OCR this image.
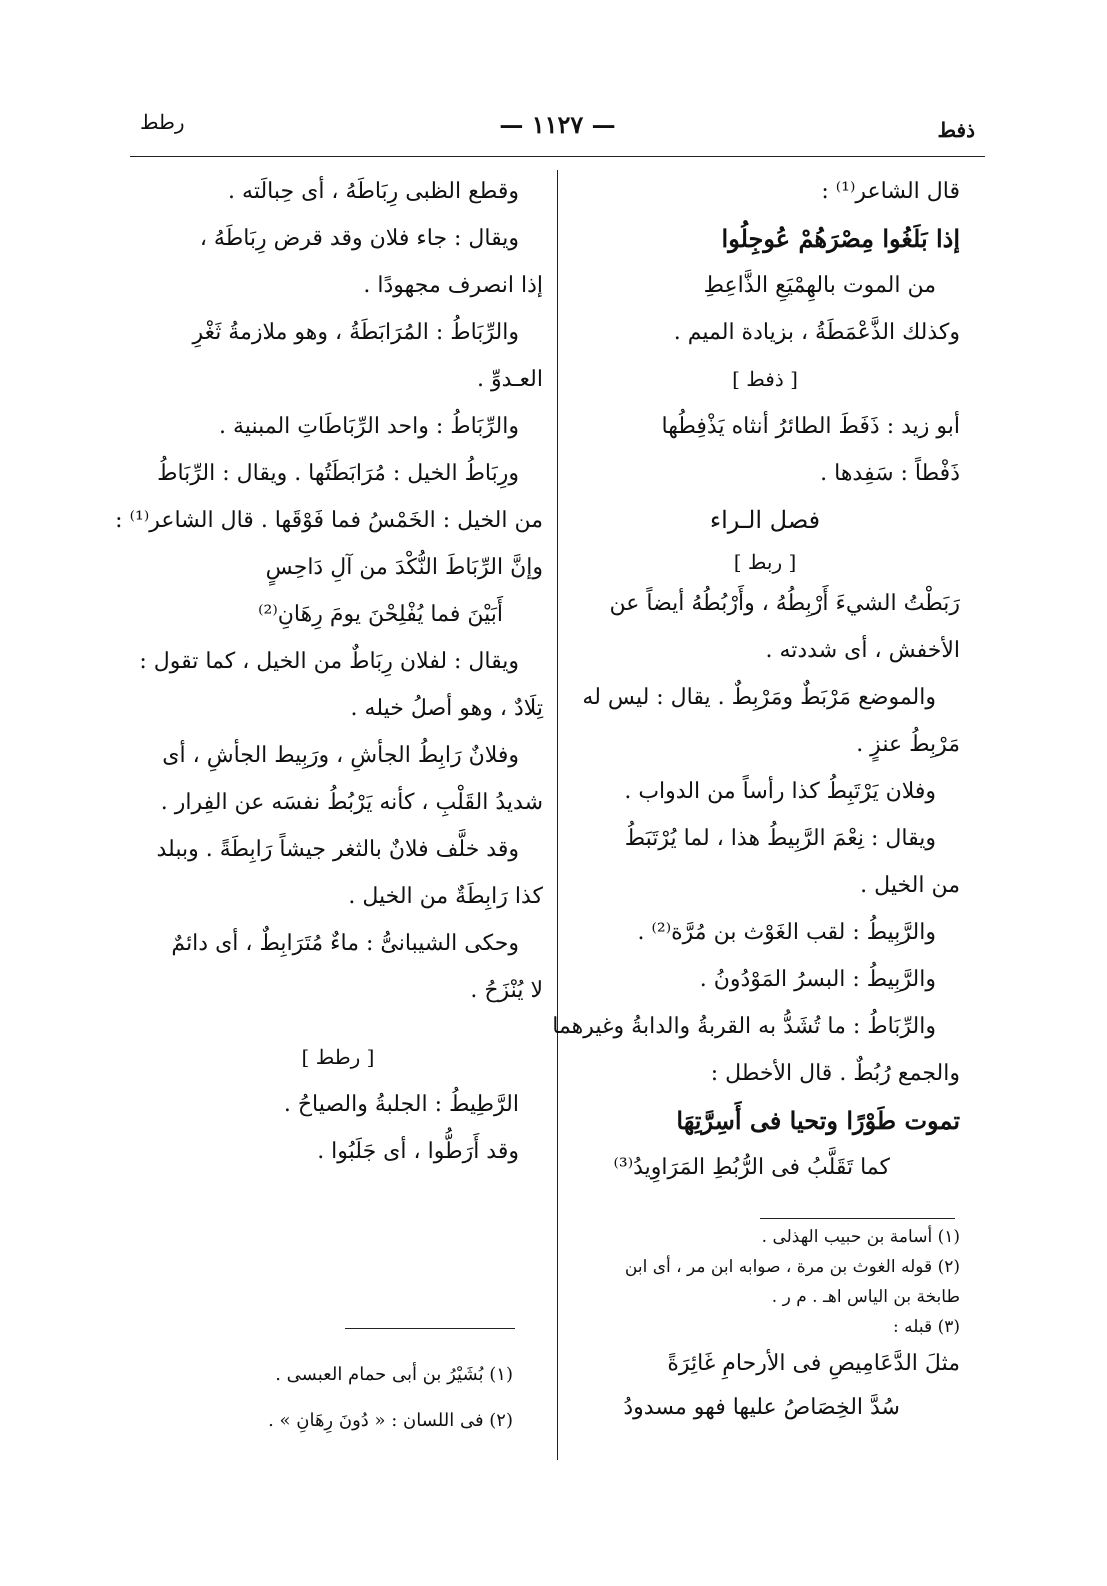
رطط	— ١١٢٧ —	ذفط
قال الشاعر⁽¹⁾ :
إذا بَلَغُوا مِصْرَهُمْ عُوجِلُوا
من الموت بالهِمْيَعِ الذَّاعِطِ
وكذلك الذَّعْمَطَةُ ، بزيادة الميم .
[ ذفط ]
أبو زيد : ذَفَطَ الطائرُ أنثاه يَذْفِطُها
ذَفْطاً : سَفِدها .
فصل الـراء
[ ربط ]
رَبَطْتُ الشيءَ أَرْبِطُهُ ، وأَرْبُطُهُ أيضاً عن
الأخفش ، أى شددته .
والموضع مَرْبَطٌ ومَرْبِطٌ . يقال : ليس له
مَرْبِطُ عنزٍ .
وفلان يَرْتَبِطُ كذا رأساً من الدواب .
ويقال : نِعْمَ الرَّبِيطُ هذا ، لما يُرْتَبَطُ
من الخيل .
والرَّبِيطُ : لقب الغَوْث بن مُرَّة⁽²⁾ .
والرَّبِيطُ : البسرُ المَوْدُونُ .
والرِّبَاطُ : ما تُشَدُّ به القربةُ والدابةُ وغيرهما
والجمع رُبُطٌ . قال الأخطل :
تموت طَوْرًا وتحيا فى أَسِرَّتِهَا
كما تَقَلَّبُ فى الرُّبُطِ المَرَاوِيدُ⁽³⁾
(١) أسامة بن حبيب الهذلى .
(٢) قوله الغوث بن مرة ، صوابه ابن مر ، أى ابن
طابخة بن الياس اهـ . م ر .
(٣) قبله :
مثلَ الدَّعَامِيصِ فى الأرحامِ غَائِرَةً
سُدَّ الخِصَاصُ عليها فهو مسدودُ
وقطع الظبى رِبَاطَهُ ، أى حِبالَته .
ويقال : جاء فلان وقد قرض رِبَاطَهُ ،
إذا انصرف مجهودًا .
والرِّبَاطُ : المُرَابَطَةُ ، وهو ملازمةُ ثَغْرِ
العـدوِّ .
والرِّبَاطُ : واحد الرِّبَاطَاتِ المبنية .
ورِبَاطُ الخيل : مُرَابَطَتُها . ويقال : الرِّبَاطُ
من الخيل : الخَمْسُ فما فَوْقَها . قال الشاعر⁽¹⁾ :
وإنَّ الرِّبَاطَ النُّكْدَ من آلِ دَاحِسٍ
أَبَيْنَ فما يُفْلِحْنَ يومَ رِهَانِ⁽²⁾
ويقال : لفلان رِبَاطٌ من الخيل ، كما تقول :
تِلَادٌ ، وهو أصلُ خيله .
وفلانٌ رَابِطُ الجأشِ ، ورَبِيط الجأشِ ، أى
شديدُ القَلْبِ ، كأنه يَرْبُطُ نفسَه عن الفِرار .
وقد خلَّف فلانٌ بالثغر جيشاً رَابِطَةً . وببلد
كذا رَابِطَةٌ من الخيل .
وحكى الشيبانىُّ : ماءٌ مُتَرَابِطٌ ، أى دائمٌ
لا يُنْزَحُ .
[ رطط ]
الرَّطِيطُ : الجلبةُ والصياحُ .
وقد أَرَطُّوا ، أى جَلَبُوا .
(١) بُشَيْرُ بن أبى حمام العبسى .
(٢) فى اللسان : « دُونَ رِهَانِ » .
